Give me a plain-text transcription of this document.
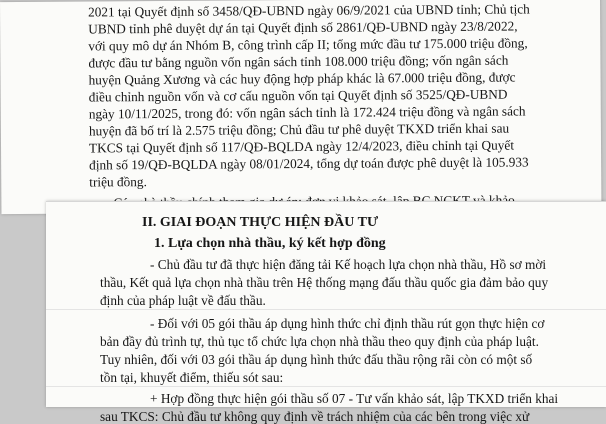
2021 tại Quyết định số 3458/QĐ-UBND ngày 06/9/2021 của UBND tỉnh; Chủ tịch
UBND tỉnh phê duyệt dự án tại Quyết định số 2861/QĐ-UBND ngày 23/8/2022,
với quy mô dự án Nhóm B, công trình cấp II; tổng mức đầu tư 175.000 triệu đồng,
được đầu tư bằng nguồn vốn ngân sách tỉnh 108.000 triệu đồng; vốn ngân sách
huyện Quảng Xương và các huy động hợp pháp khác là 67.000 triệu đồng, được
điều chỉnh nguồn vốn và cơ cấu nguồn vốn tại Quyết định số 3525/QĐ-UBND
ngày 10/11/2025, trong đó: vốn ngân sách tỉnh là 172.424 triệu đồng và ngân sách
huyện đã bố trí là 2.575 triệu đồng; Chủ đầu tư phê duyệt TKXD triển khai sau
TKCS tại Quyết định số 117/QĐ-BQLDA ngày 12/4/2023, điều chỉnh tại Quyết
định số 19/QĐ-BQLDA ngày 08/01/2024, tổng dự toán được phê duyệt là 105.933
triệu đồng.
II. GIAI ĐOẠN THỰC HIỆN ĐẦU TƯ
1. Lựa chọn nhà thầu, ký kết hợp đồng
- Chủ đầu tư đã thực hiện đăng tải Kế hoạch lựa chọn nhà thầu, Hồ sơ mời
thầu, Kết quả lựa chọn nhà thầu trên Hệ thống mạng đấu thầu quốc gia đảm bảo quy
định của pháp luật về đấu thầu.
- Đối với 05 gói thầu áp dụng hình thức chỉ định thầu rút gọn thực hiện cơ
bản đầy đủ trình tự, thủ tục tổ chức lựa chọn nhà thầu theo quy định của pháp luật.
Tuy nhiên, đối với 03 gói thầu áp dụng hình thức đấu thầu rộng rãi còn có một số
tồn tại, khuyết điểm, thiếu sót sau:
+ Hợp đồng thực hiện gói thầu số 07 - Tư vấn khảo sát, lập TKXD triển khai
sau TKCS: Chủ đầu tư không quy định về trách nhiệm của các bên trong việc xử
